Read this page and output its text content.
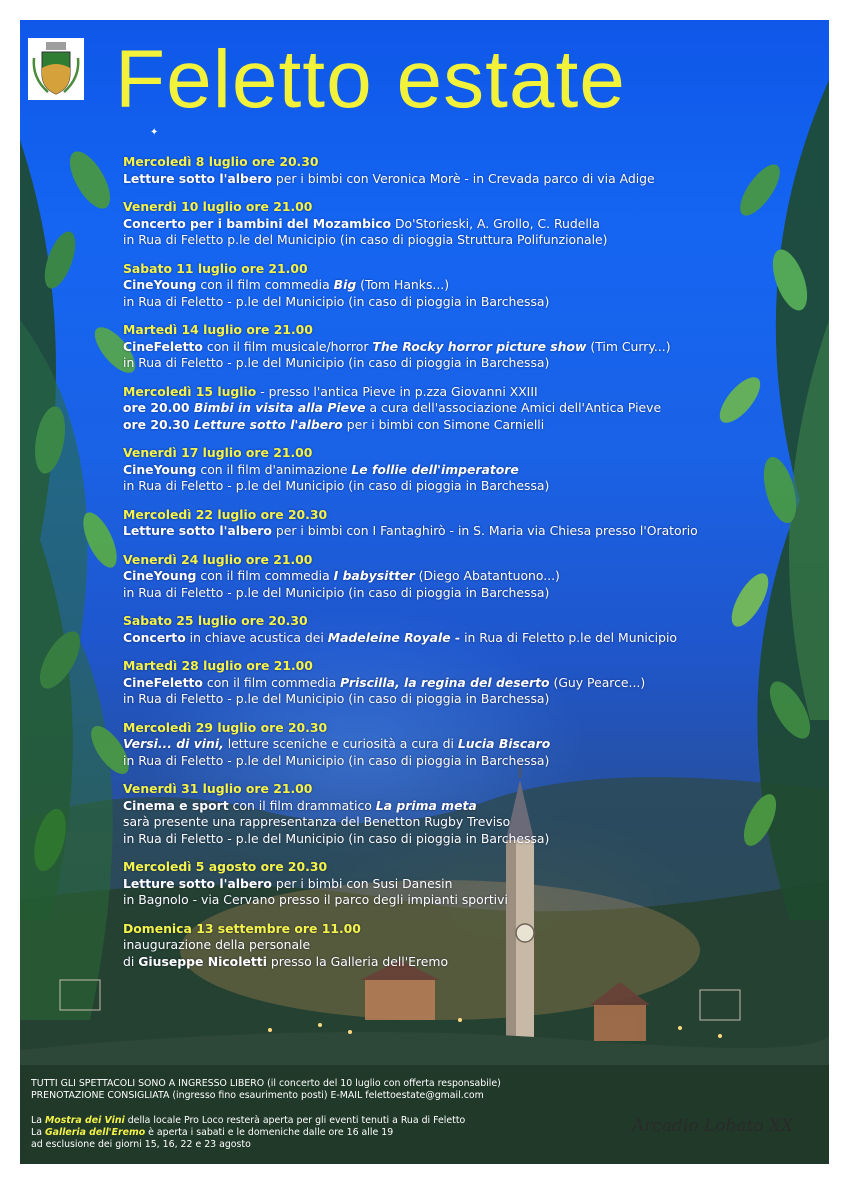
✦
Feletto estate
Mercoledì 8 luglio ore 20.30
Letture sotto l'albero per i bimbi con Veronica Morè - in Crevada parco di via Adige
Venerdì 10 luglio ore 21.00
Concerto per i bambini del Mozambico Do'Storieski, A. Grollo, C. Rudella
in Rua di Feletto p.le del Municipio (in caso di pioggia Struttura Polifunzionale)
Sabato 11 luglio ore 21.00
CineYoung con il film commedia Big (Tom Hanks...)
in Rua di Feletto - p.le del Municipio (in caso di pioggia in Barchessa)
Martedì 14 luglio ore 21.00
CineFeletto con il film musicale/horror The Rocky horror picture show (Tim Curry...)
in Rua di Feletto - p.le del Municipio (in caso di pioggia in Barchessa)
Mercoledì 15 luglio - presso l'antica Pieve in p.zza Giovanni XXIII
ore 20.00 Bimbi in visita alla Pieve a cura dell'associazione Amici dell'Antica Pieve
ore 20.30 Letture sotto l'albero per i bimbi con Simone Carnielli
Venerdì 17 luglio ore 21.00
CineYoung con il film d'animazione Le follie dell'imperatore
in Rua di Feletto - p.le del Municipio (in caso di pioggia in Barchessa)
Mercoledì 22 luglio ore 20.30
Letture sotto l'albero per i bimbi con I Fantaghirò - in S. Maria via Chiesa presso l'Oratorio
Venerdì 24 luglio ore 21.00
CineYoung con il film commedia I babysitter (Diego Abatantuono...)
in Rua di Feletto - p.le del Municipio (in caso di pioggia in Barchessa)
Sabato 25 luglio ore 20.30
Concerto in chiave acustica dei Madeleine Royale - in Rua di Feletto p.le del Municipio
Martedì 28 luglio ore 21.00
CineFeletto con il film commedia Priscilla, la regina del deserto (Guy Pearce...)
in Rua di Feletto - p.le del Municipio (in caso di pioggia in Barchessa)
Mercoledì 29 luglio ore 20.30
Versi... di vini, letture sceniche e curiosità a cura di Lucia Biscaro
in Rua di Feletto - p.le del Municipio (in caso di pioggia in Barchessa)
Venerdì 31 luglio ore 21.00
Cinema e sport con il film drammatico La prima meta
sarà presente una rappresentanza del Benetton Rugby Treviso
in Rua di Feletto - p.le del Municipio (in caso di pioggia in Barchessa)
Mercoledì 5 agosto ore 20.30
Letture sotto l'albero per i bimbi con Susi Danesin
in Bagnolo - via Cervano presso il parco degli impianti sportivi
Domenica 13 settembre ore 11.00
inaugurazione della personale
di Giuseppe Nicoletti presso la Galleria dell'Eremo
TUTTI GLI SPETTACOLI SONO A INGRESSO LIBERO (il concerto del 10 luglio con offerta responsabile)
PRENOTAZIONE CONSIGLIATA (ingresso fino esaurimento posti) E-MAIL felettoestate@gmail.com
La Mostra dei Vini della locale Pro Loco resterà aperta per gli eventi tenuti a Rua di Feletto
La Galleria dell'Eremo è aperta i sabati e le domeniche dalle ore 16 alle 19
ad esclusione dei giorni 15, 16, 22 e 23 agosto
Arcadio Lobato XX
